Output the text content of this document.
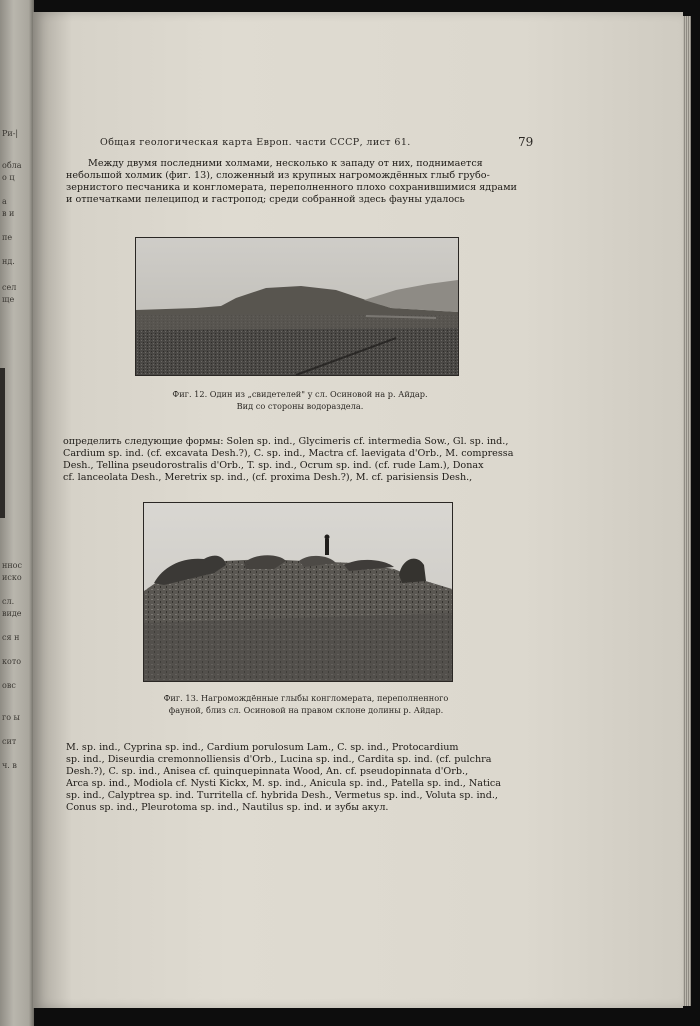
Ри-|
обла
о ц
а
в и
пе
нд.
сел
ще
ннос
иско
сл.
виде
ся н
кото
овс
го ы
сит
ч. в
Общая геологическая карта Европ. части СССР, лист 61.	79
Между двумя последними холмами, несколько к западу от них, поднимается
небольшой холмик (фиг. 13), сложенный из крупных нагромождённых глыб грубо-
зернистого песчаника и конгломерата, переполненного плохо сохранившимися ядрами
и отпечатками пелеципод и гастропод; среди собранной здесь фауны удалось
Фиг. 12. Один из „свидетелей" у сл. Осиновой на р. Айдар.
Вид со стороны водораздела.
определить следующие формы: Solen sp. ind., Glycimeris cf. intermedia Sow., Gl. sp. ind.,
Cardium sp. ind. (cf. excavata Desh.?), C. sp. ind., Mactra cf. laevigata d'Orb., M. compressa
Desh., Tellina pseudorostralis d'Orb., T. sp. ind., Ocrum sp. ind. (cf. rude Lam.), Donax
cf. lanceolata Desh., Meretrix sp. ind., (cf. proxima Desh.?), M. cf. parisiensis Desh.,
Фиг. 13. Нагромождённые глыбы конгломерата, переполненного
фауной, близ сл. Осиновой на правом склоне долины р. Айдар.
M. sp. ind., Cyprina sp. ind., Cardium porulosum Lam., C. sp. ind., Protocardium
sp. ind., Diseurdia cremonnolliensis d'Orb., Lucina sp. ind., Cardita sp. ind. (cf. pulchra
Desh.?), C. sp. ind., Anisea cf. quinquepinnata Wood, An. cf. pseudopinnata d'Orb.,
Arca sp. ind., Modiola cf. Nysti Kickx, M. sp. ind., Anicula sp. ind., Patella sp. ind., Natica
sp. ind., Calyptrea sp. ind. Turritella cf. hybrida Desh., Vermetus sp. ind., Voluta sp. ind.,
Conus sp. ind., Pleurotoma sp. ind., Nautilus sp. ind. и зубы акул.
